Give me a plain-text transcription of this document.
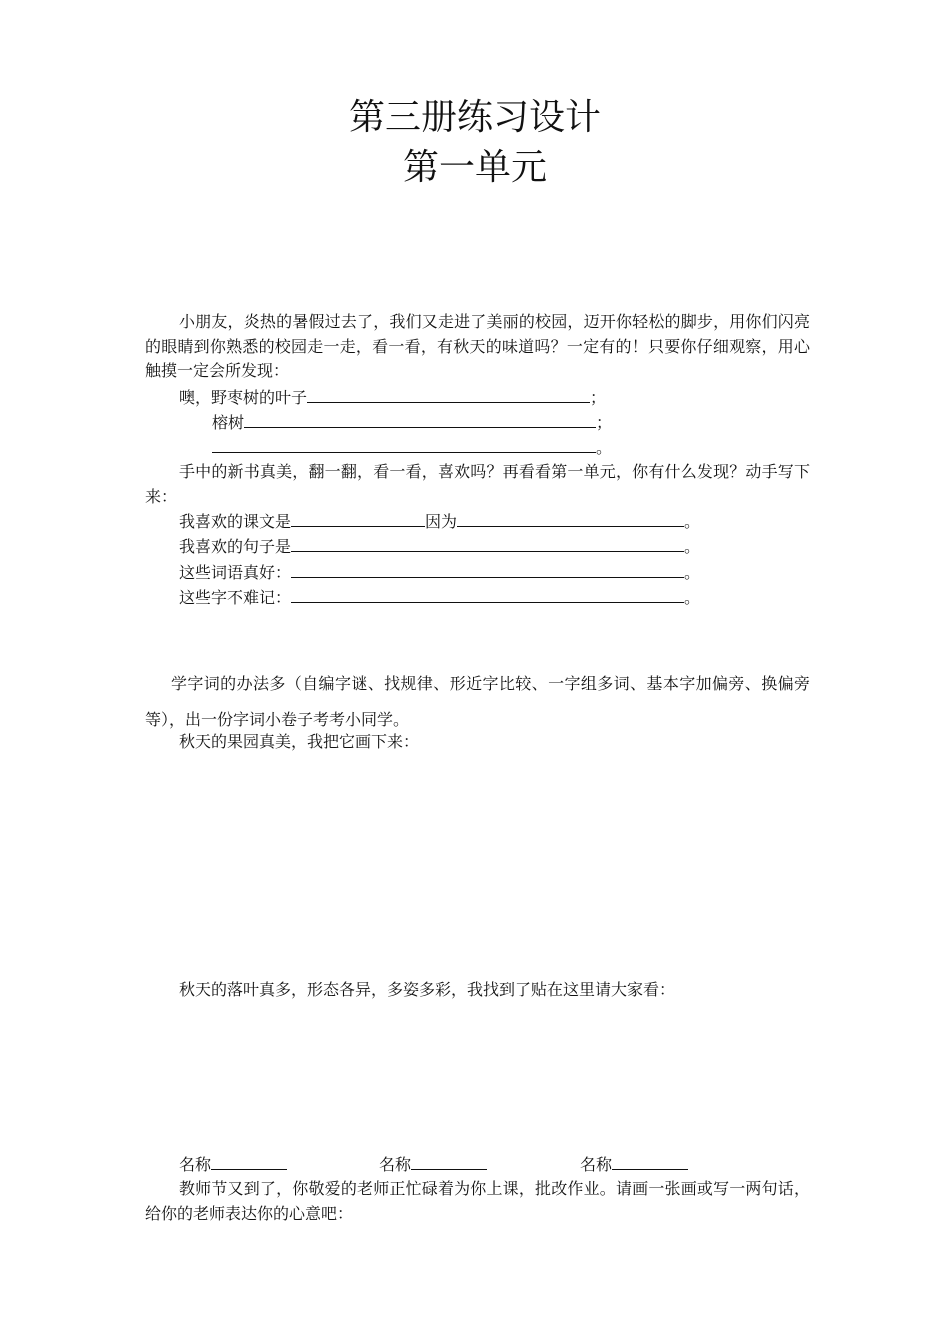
第三册练习设计
第一单元

小朋友，炎热的暑假过去了，我们又走进了美丽的校园，迈开你轻松的脚步，用你们闪亮的眼睛到你熟悉的校园走一走，看一看，有秋天的味道吗？一定有的！只要你仔细观察，用心触摸一定会所发现：

噢，野枣树的叶子	；
榕树	；
。

手中的新书真美，翻一翻，看一看，喜欢吗？再看看第一单元，你有什么发现？动手写下来：

我喜欢的课文是	因为	。
我喜欢的句子是	。
这些词语真好：	。
这些字不难记：	。

学字词的办法多（自编字谜、找规律、形近字比较、一字组多词、基本字加偏旁、换偏旁等），出一份字词小卷子考考小同学。

秋天的果园真美，我把它画下来：

秋天的落叶真多，形态各异，多姿多彩，我找到了贴在这里请大家看：

名称	名称	名称

教师节又到了，你敬爱的老师正忙碌着为你上课，批改作业。请画一张画或写一两句话，给你的老师表达你的心意吧：
